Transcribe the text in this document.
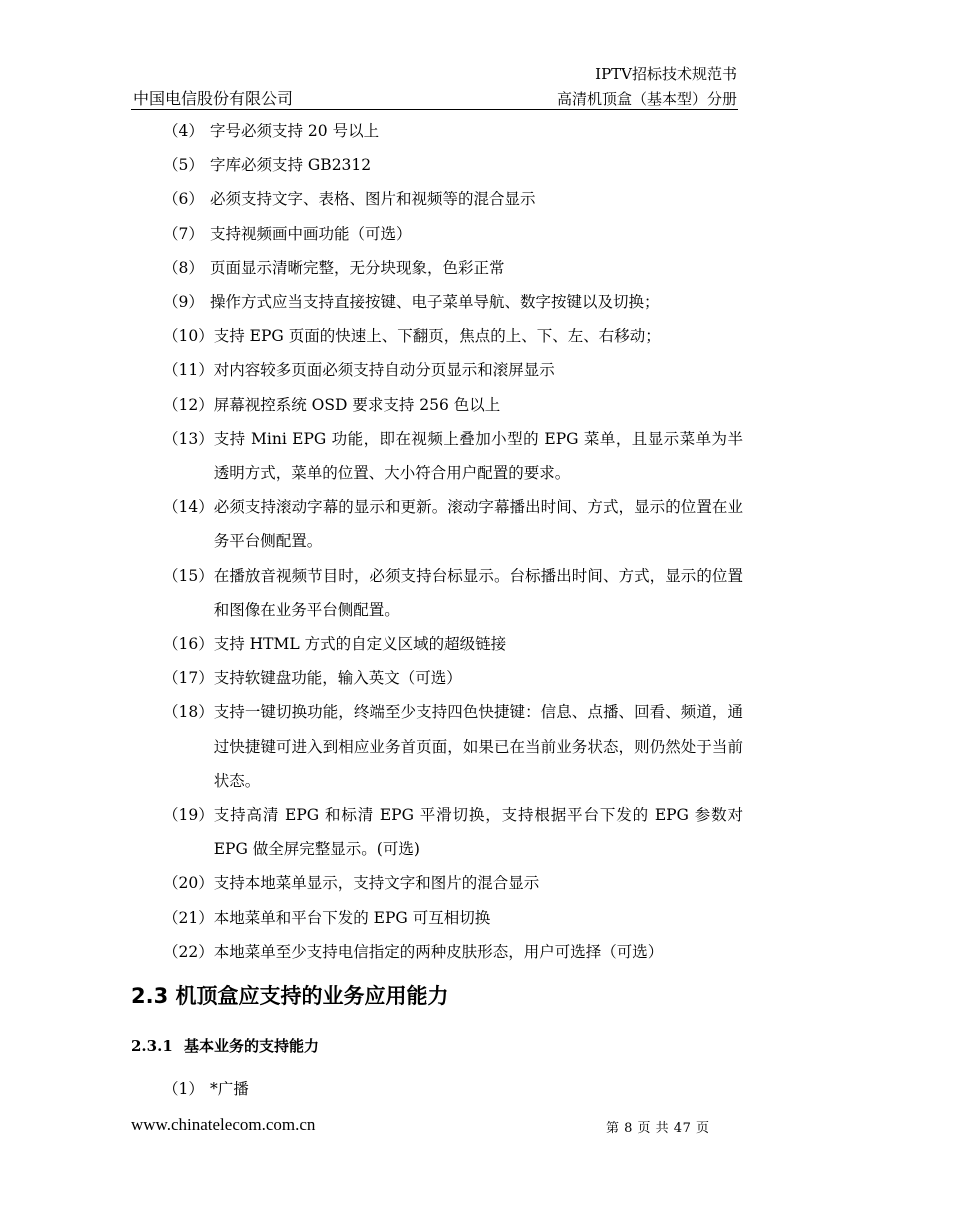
IPTV招标技术规范书
中国电信股份有限公司	高清机顶盒（基本型）分册
（4） 字号必须支持 20 号以上
（5） 字库必须支持 GB2312
（6） 必须支持文字、表格、图片和视频等的混合显示
（7） 支持视频画中画功能（可选）
（8） 页面显示清晰完整，无分块现象，色彩正常
（9） 操作方式应当支持直接按键、电子菜单导航、数字按键以及切换；
（10） 支持 EPG 页面的快速上、下翻页，焦点的上、下、左、右移动；
（11） 对内容较多页面必须支持自动分页显示和滚屏显示
（12） 屏幕视控系统 OSD 要求支持 256 色以上
（13） 支持 Mini EPG 功能，即在视频上叠加小型的 EPG 菜单，且显示菜单为半透明方式，菜单的位置、大小符合用户配置的要求。
（14） 必须支持滚动字幕的显示和更新。滚动字幕播出时间、方式，显示的位置在业务平台侧配置。
（15） 在播放音视频节目时，必须支持台标显示。台标播出时间、方式，显示的位置和图像在业务平台侧配置。
（16） 支持 HTML 方式的自定义区域的超级链接
（17） 支持软键盘功能，输入英文（可选）
（18） 支持一键切换功能，终端至少支持四色快捷键：信息、点播、回看、频道，通过快捷键可进入到相应业务首页面，如果已在当前业务状态，则仍然处于当前状态。
（19） 支持高清 EPG 和标清 EPG 平滑切换，支持根据平台下发的 EPG 参数对 EPG 做全屏完整显示。(可选)
（20） 支持本地菜单显示，支持文字和图片的混合显示
（21） 本地菜单和平台下发的 EPG 可互相切换
（22） 本地菜单至少支持电信指定的两种皮肤形态，用户可选择（可选）
2.3 机顶盒应支持的业务应用能力
2.3.1 基本业务的支持能力
（1） *广播
www.chinatelecom.com.cn	第 8 页 共 47 页
